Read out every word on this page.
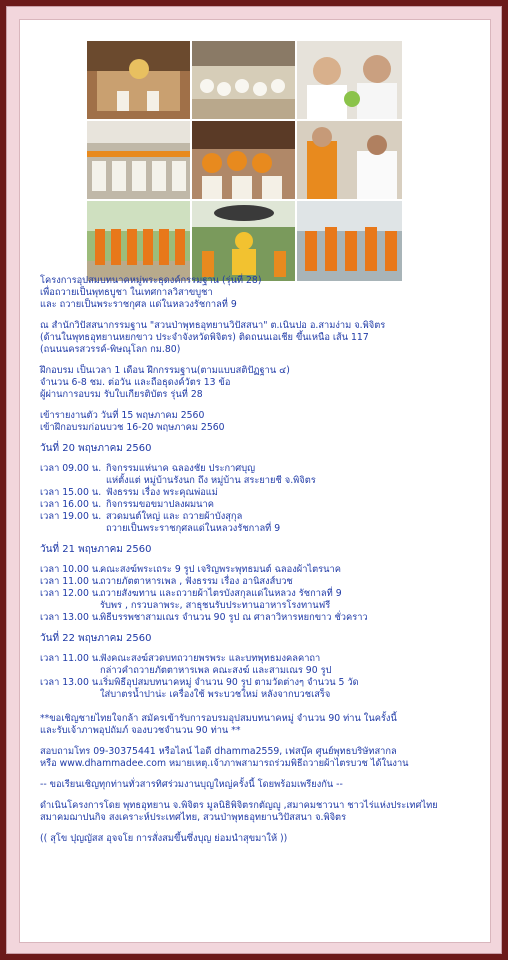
โครงการอุปสมบทนาคหมู่พระธุดงค์กรรมฐาน (รุ่นที่ 28)
เพื่อถวายเป็นพุทธบูชา ในเทศกาลวิสาขบูชา
และ ถวายเป็นพระราชกุศล แด่ในหลวงรัชกาลที่ 9
ณ สำนักวิปัสสนากรรมฐาน "สวนป่าพุทธอุทยานวิปัสสนา" ต.เนินปอ อ.สามง่าม จ.พิจิตร
(ด้านในพุทธอุทยานหยกขาว ประจำจังหวัดพิจิตร) ติดถนนเอเชีย ขึ้นเหนือ เส้น 117
(ถนนนครสวรรค์-พิษณุโลก กม.80)
ฝึกอบรม เป็นเวลา 1 เดือน ฝึกกรรมฐาน(ตามแบบสติปัฏฐาน ๔)
จำนวน 6-8 ชม. ต่อวัน และถือธุดงค์วัตร 13 ข้อ
ผู้ผ่านการอบรม รับใบเกียรติบัตร รุ่นที่ 28
เข้ารายงานตัว วันที่ 15 พฤษภาคม 2560
เข้าฝึกอบรมก่อนบวช 16-20 พฤษภาคม 2560
วันที่ 20 พฤษภาคม 2560
เวลา 09.00 น. กิจกรรมแห่นาค ฉลองชัย ประกาศบุญ
แห่ตั้งแต่ หมู่บ้านรังนก ถึง หมู่บ้าน สระยายชี จ.พิจิตร
เวลา 15.00 น. ฟังธรรม เรื่อง พระคุณพ่อแม่
เวลา 16.00 น. กิจกรรมขอขมาปลงผมนาค
เวลา 19.00 น. สวดมนต์ใหญ่ และ ถวายผ้าบังสุกุล
ถวายเป็นพระราชกุศลแด่ในหลวงรัชกาลที่ 9
วันที่ 21 พฤษภาคม 2560
เวลา 10.00 น.
คณะสงฆ์พระเถระ 9 รูป เจริญพระพุทธมนต์ ฉลองผ้าไตรนาค
เวลา 11.00 น.
ถวายภัตตาหารเพล , ฟังธรรม เรื่อง อานิสงส์บวช
เวลา 12.00 น.
ถวายสังฆทาน และถวายผ้าไตรบังสกุลแด่ในหลวง รัชกาลที่ 9
รับพร , กรวบลาพระ, สาธุชนรับประทานอาหารโรงทานฟรี
เวลา 13.00 น.
พิธีบรรพชาสามเณร จำนวน 90 รูป ณ ศาลาวิหารหยกขาว ชั่วคราว
วันที่ 22 พฤษภาคม 2560
เวลา 11.00 น.
ฟังคณะสงฆ์สวดบทถวายพรพระ และบทพุทธมงคลคาถา
กล่าวคำถวายภัตตาหารเพล คณะสงฆ์ และสามเณร 90 รูป
เวลา 13.00 น.
เริ่มพิธีอุปสมบทนาคหมู่ จำนวน 90 รูป ตามวัดต่างๆ จำนวน 5 วัด
ใส่บาตรน้ำปาน่ะ เครื่องใช้ พระบวชใหม่ หลังจากบวชเสร็จ
**ขอเชิญชายไทยใจกล้า สมัครเข้ารับการอบรมอุปสมบทนาคหมู่ จำนวน 90 ท่าน ในครั้งนี้
และรับเจ้าภาพอุปถัมภ์ จองบวชจำนวน 90 ท่าน **
สอบถามโทร 09-30375441 หรือไลน์ ไอดี dhamma2559, เฟสบุ๊ค ศูนย์พุทธบริษัทสากล
หรือ www.dhammadee.com หมายเหตุ.เจ้าภาพสามารถร่วมพิธีถวายผ้าไตรบวช ได้ในงาน
-- ขอเรียนเชิญทุกท่านทั่วสารทิศร่วมงานบุญใหญ่ครั้งนี้ โดยพร้อมเพรียงกัน --
ดำเนินโครงการโดย พุทธอุทยาน จ.พิจิตร มูลนิธิพิจิตรกตัญญู ,สมาคมชาวนา ชาวไร่แห่งประเทศไทย
สมาคมฌาปนกิจ สงเคราะห์ประเทศไทย, สวนป่าพุทธอุทยานวิปัสสนา จ.พิจิตร
(( สุโข ปุญญัสส อุจจโย การสั่งสมขึ้นซึ่งบุญ ย่อมนำสุขมาให้ ))
